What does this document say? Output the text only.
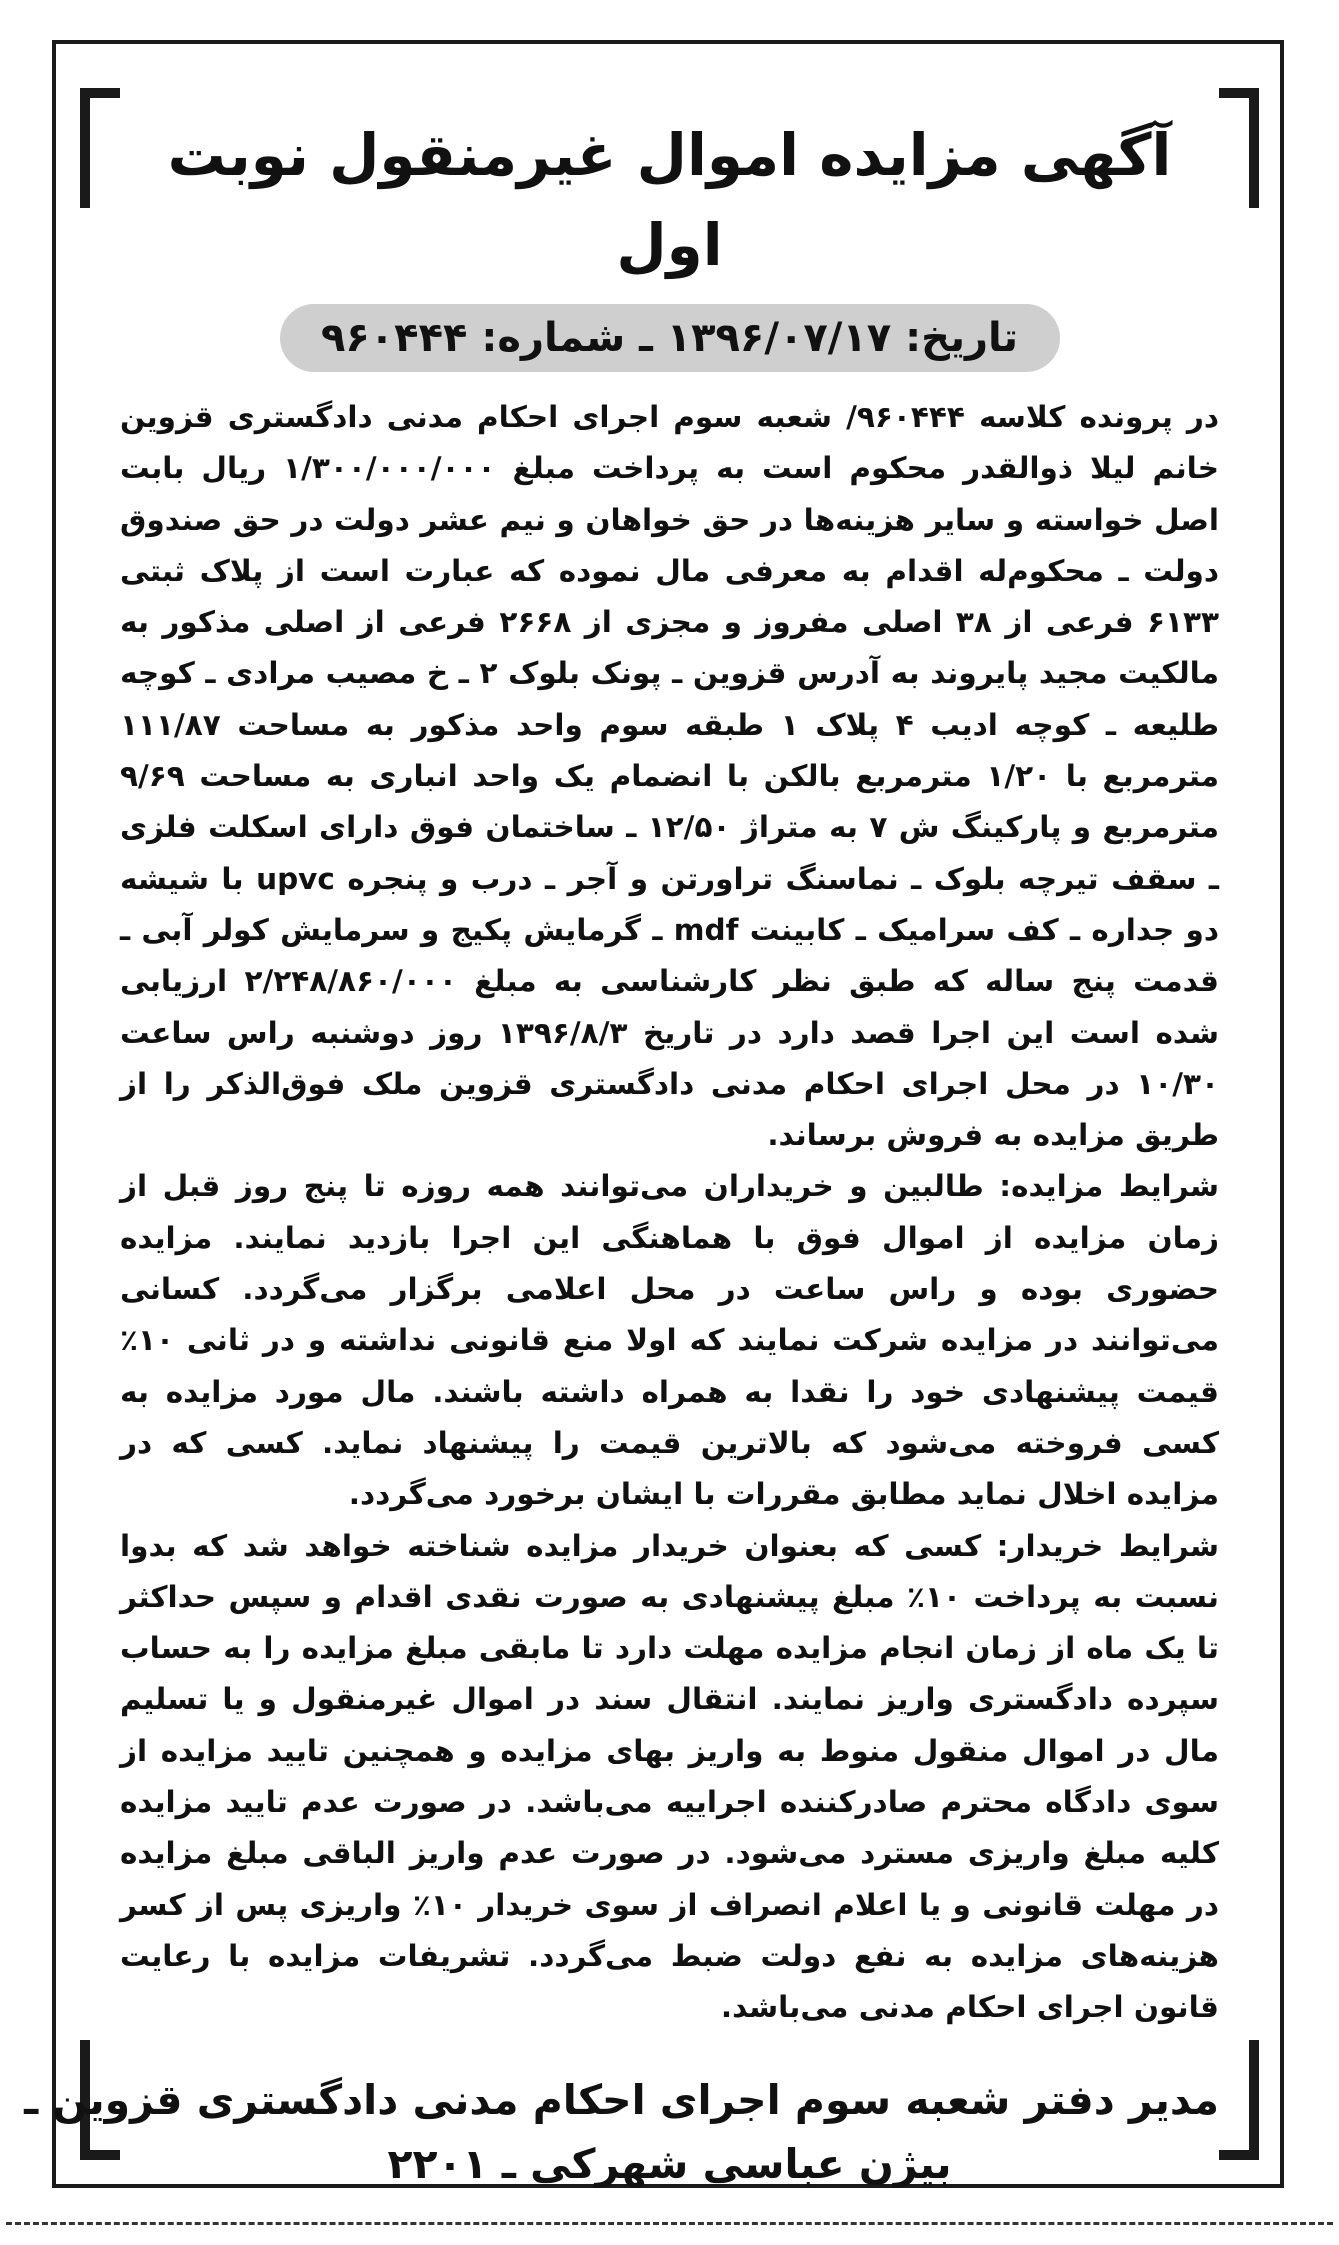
آگهی مزایده اموال غیرمنقول نوبت اول
تاریخ: ۱۳۹۶/۰۷/۱۷ ـ شماره: ۹۶۰۴۴۴

در پرونده کلاسه ۹۶۰۴۴۴/ شعبه سوم اجرای احکام مدنی دادگستری قزوین خانم لیلا ذوالقدر محکوم است به پرداخت مبلغ ۱/۳۰۰/۰۰۰/۰۰۰ ریال بابت اصل خواسته و سایر هزینه‌ها در حق خواهان و نیم عشر دولت در حق صندوق دولت ـ محکوم‌له اقدام به معرفی مال نموده که عبارت است از پلاک ثبتی ۶۱۳۳ فرعی از ۳۸ اصلی مفروز و مجزی از ۲۶۶۸ فرعی از اصلی مذکور به مالکیت مجید پایروند به آدرس قزوین ـ پونک بلوک ۲ ـ خ مصیب مرادی ـ کوچه طلیعه ـ کوچه ادیب ۴ پلاک ۱ طبقه سوم واحد مذکور به مساحت ۱۱۱/۸۷ مترمربع با ۱/۲۰ مترمربع بالکن با انضمام یک واحد انباری به مساحت ۹/۶۹ مترمربع و پارکینگ ش ۷ به متراژ ۱۲/۵۰ ـ ساختمان فوق دارای اسکلت فلزی ـ سقف تیرچه بلوک ـ نماسنگ تراورتن و آجر ـ درب و پنجره upvc با شیشه دو جداره ـ کف سرامیک ـ کابینت mdf ـ گرمایش پکیج و سرمایش کولر آبی ـ قدمت پنج ساله که طبق نظر کارشناسی به مبلغ ۲/۲۴۸/۸۶۰/۰۰۰ ارزیابی شده است این اجرا قصد دارد در تاریخ ۱۳۹۶/۸/۳ روز دوشنبه راس ساعت ۱۰/۳۰ در محل اجرای احکام مدنی دادگستری قزوین ملک فوق‌الذکر را از طریق مزایده به فروش برساند.

شرایط مزایده: طالبین و خریداران می‌توانند همه روزه تا پنج روز قبل از زمان مزایده از اموال فوق با هماهنگی این اجرا بازدید نمایند. مزایده حضوری بوده و راس ساعت در محل اعلامی برگزار می‌گردد. کسانی می‌توانند در مزایده شرکت نمایند که اولا منع قانونی نداشته و در ثانی ۱۰٪ قیمت پیشنهادی خود را نقدا به همراه داشته باشند. مال مورد مزایده به کسی فروخته می‌شود که بالاترین قیمت را پیشنهاد نماید. کسی که در مزایده اخلال نماید مطابق مقررات با ایشان برخورد می‌گردد.

شرایط خریدار: کسی که بعنوان خریدار مزایده شناخته خواهد شد که بدوا نسبت به پرداخت ۱۰٪ مبلغ پیشنهادی به صورت نقدی اقدام و سپس حداکثر تا یک ماه از زمان انجام مزایده مهلت دارد تا مابقی مبلغ مزایده را به حساب سپرده دادگستری واریز نمایند. انتقال سند در اموال غیرمنقول و یا تسلیم مال در اموال منقول منوط به واریز بهای مزایده و همچنین تایید مزایده از سوی دادگاه محترم صادرکننده اجراییه می‌باشد. در صورت عدم تایید مزایده کلیه مبلغ واریزی مسترد می‌شود. در صورت عدم واریز الباقی مبلغ مزایده در مهلت قانونی و یا اعلام انصراف از سوی خریدار ۱۰٪ واریزی پس از کسر هزینه‌های مزایده به نفع دولت ضبط می‌گردد. تشریفات مزایده با رعایت قانون اجرای احکام مدنی می‌باشد.

مدیر دفتر شعبه سوم اجرای احکام مدنی دادگستری قزوین ـ
بیژن عباسی شهرکی ـ ۲۲۰۱
